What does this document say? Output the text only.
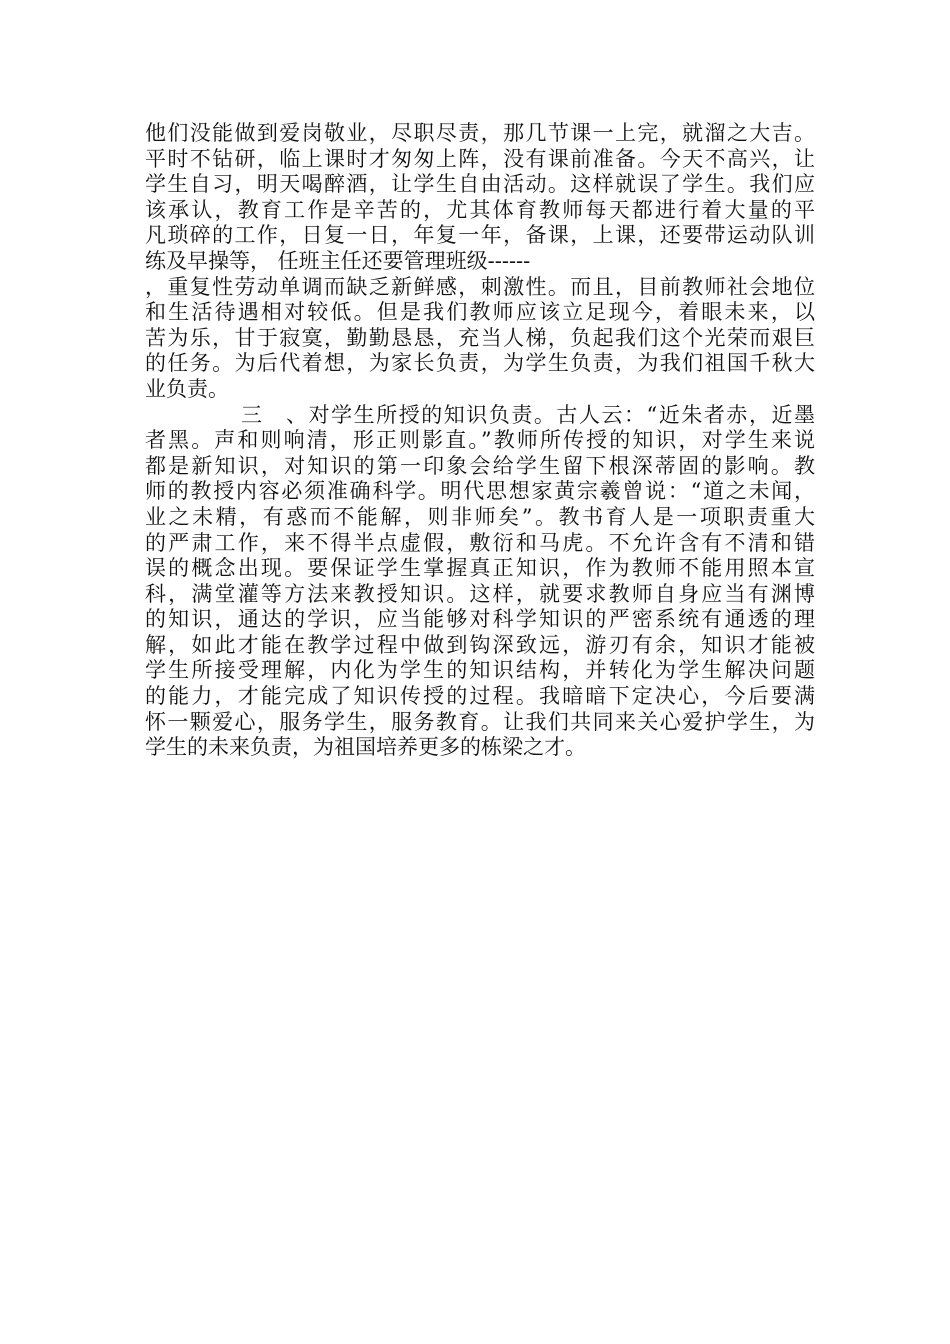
他们没能做到爱岗敬业，尽职尽责，那几节课一上完，就溜之大吉。
平时不钻研，临上课时才匆匆上阵，没有课前准备。今天不高兴，让
学生自习，明天喝醉酒，让学生自由活动。这样就误了学生。我们应
该承认，教育工作是辛苦的，尤其体育教师每天都进行着大量的平
凡琐碎的工作，日复一日，年复一年，备课，上课，还要带运动队训
练及早操等， 任班主任还要管理班级------
，重复性劳动单调而缺乏新鲜感，刺激性。而且，目前教师社会地位
和生活待遇相对较低。但是我们教师应该立足现今，着眼未来，以
苦为乐，甘于寂寞，勤勤恳恳，充当人梯，负起我们这个光荣而艰巨
的任务。为后代着想，为家长负责，为学生负责，为我们祖国千秋大
业负责。
三　、对学生所授的知识负责。古人云：“近朱者赤，近墨
者黑。声和则响清，形正则影直。”教师所传授的知识，对学生来说
都是新知识，对知识的第一印象会给学生留下根深蒂固的影响。教
师的教授内容必须准确科学。明代思想家黄宗羲曾说：“道之未闻，
业之未精，有惑而不能解，则非师矣”。教书育人是一项职责重大
的严肃工作，来不得半点虚假，敷衍和马虎。不允许含有不清和错
误的概念出现。要保证学生掌握真正知识，作为教师不能用照本宣
科，满堂灌等方法来教授知识。这样，就要求教师自身应当有渊博
的知识，通达的学识，应当能够对科学知识的严密系统有通透的理
解，如此才能在教学过程中做到钩深致远，游刃有余，知识才能被
学生所接受理解，内化为学生的知识结构，并转化为学生解决问题
的能力，才能完成了知识传授的过程。我暗暗下定决心，今后要满
怀一颗爱心，服务学生，服务教育。让我们共同来关心爱护学生，为
学生的未来负责，为祖国培养更多的栋梁之才。
